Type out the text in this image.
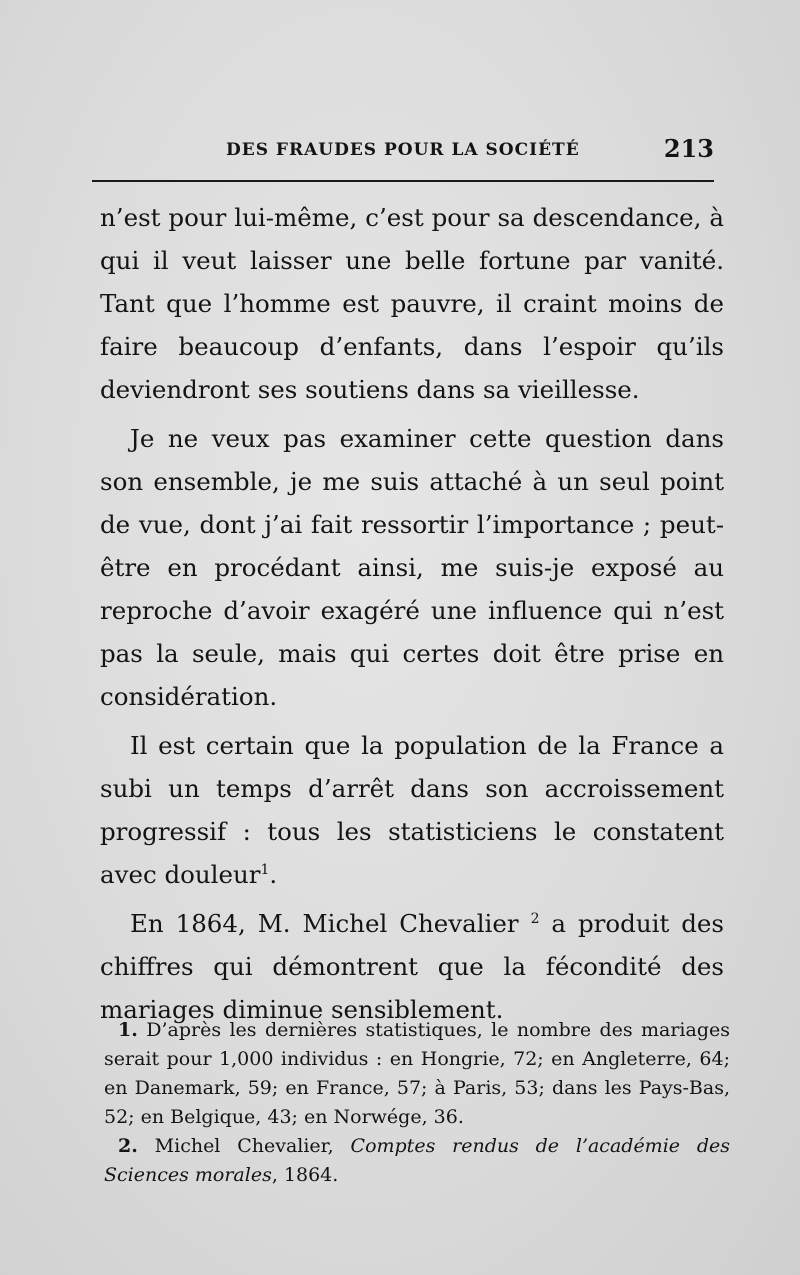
DES FRAUDES POUR LA SOCIÉTÉ	213

n’est pour lui-même, c’est pour sa descendance, à qui il veut laisser une belle fortune par vanité. Tant que l’homme est pauvre, il craint moins de faire beaucoup d’enfants, dans l’espoir qu’ils deviendront ses soutiens dans sa vieillesse.

Je ne veux pas examiner cette question dans son ensemble, je me suis attaché à un seul point de vue, dont j’ai fait ressortir l’importance ; peut-être en procédant ainsi, me suis-je exposé au reproche d’avoir exagéré une influence qui n’est pas la seule, mais qui certes doit être prise en considération.

Il est certain que la population de la France a subi un temps d’arrêt dans son accroissement progressif : tous les statisticiens le constatent avec douleur$^1$.

En 1864, M. Michel Chevalier $^2$ a produit des chiffres qui démontrent que la fécondité des mariages diminue sensiblement.

1. D’après les dernières statistiques, le nombre des mariages serait pour 1,000 individus : en Hongrie, 72; en Angleterre, 64; en Danemark, 59; en France, 57; à Paris, 53; dans les Pays-Bas, 52; en Belgique, 43; en Norwége, 36.

2. Michel Chevalier, Comptes rendus de l’académie des Sciences morales, 1864.
